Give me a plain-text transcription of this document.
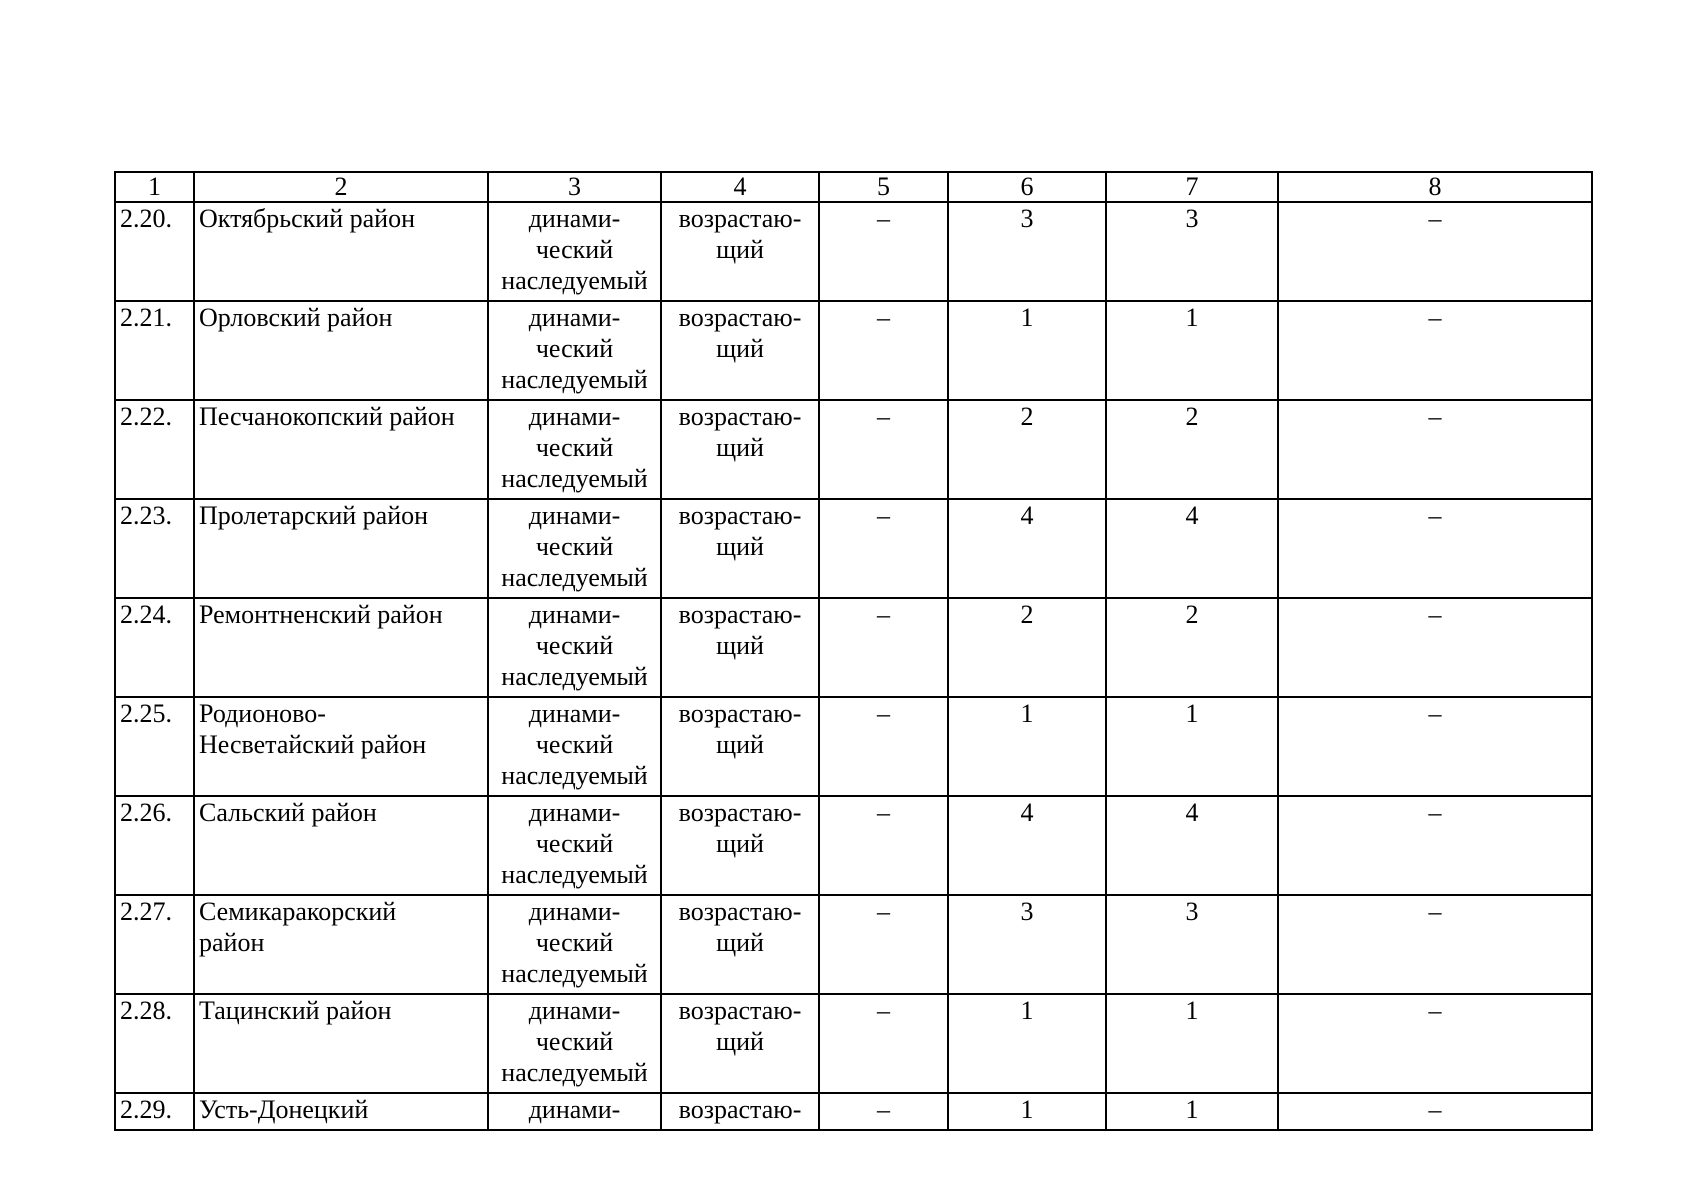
1	2	3	4	5	6	7	8
2.20.	Октябрьский район	динами-
ческий
наследуемый	возрастаю-
щий	–	3	3	–
2.21.	Орловский район	динами-
ческий
наследуемый	возрастаю-
щий	–	1	1	–
2.22.	Песчанокопский район	динами-
ческий
наследуемый	возрастаю-
щий	–	2	2	–
2.23.	Пролетарский район	динами-
ческий
наследуемый	возрастаю-
щий	–	4	4	–
2.24.	Ремонтненский район	динами-
ческий
наследуемый	возрастаю-
щий	–	2	2	–
2.25.	Родионово-
Несветайский район	динами-
ческий
наследуемый	возрастаю-
щий	–	1	1	–
2.26.	Сальский район	динами-
ческий
наследуемый	возрастаю-
щий	–	4	4	–
2.27.	Семикаракорский
район	динами-
ческий
наследуемый	возрастаю-
щий	–	3	3	–
2.28.	Тацинский район	динами-
ческий
наследуемый	возрастаю-
щий	–	1	1	–
2.29.	Усть-Донецкий	динами-	возрастаю-	–	1	1	–
